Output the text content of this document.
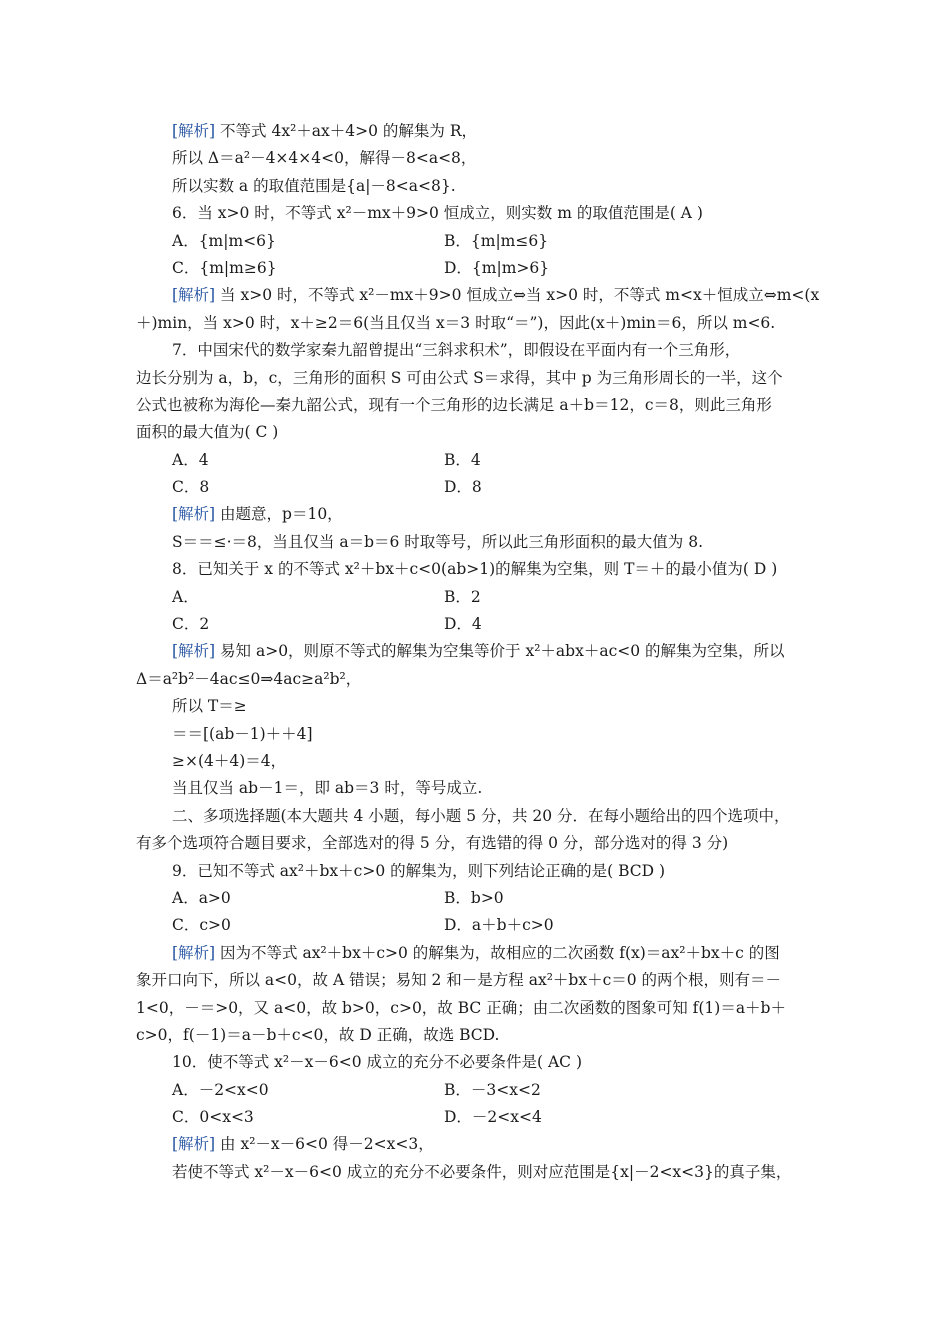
[解析] 不等式 4x²＋ax＋4>0 的解集为 R，
所以 Δ＝a²－4×4×4<0，解得－8<a<8，
所以实数 a 的取值范围是{a|－8<a<8}.
6．当 x>0 时，不等式 x²－mx＋9>0 恒成立，则实数 m 的取值范围是( A )
A．{m|m<6}	B．{m|m≤6}
C．{m|m≥6}	D．{m|m>6}
[解析] 当 x>0 时，不等式 x²－mx＋9>0 恒成立⇔当 x>0 时，不等式 m<x＋恒成立⇔m<(x
＋)min，当 x>0 时，x＋≥2＝6(当且仅当 x＝3 时取“＝”)，因此(x＋)min＝6，所以 m<6.
7．中国宋代的数学家秦九韶曾提出“三斜求积术”，即假设在平面内有一个三角形，
边长分别为 a，b，c，三角形的面积 S 可由公式 S＝求得，其中 p 为三角形周长的一半，这个
公式也被称为海伦—秦九韶公式，现有一个三角形的边长满足 a＋b＝12，c＝8，则此三角形
面积的最大值为( C )
A．4	B．4
C．8	D．8
[解析] 由题意，p＝10，
S＝＝≤·＝8，当且仅当 a＝b＝6 时取等号，所以此三角形面积的最大值为 8.
8．已知关于 x 的不等式 x²＋bx＋c<0(ab>1)的解集为空集，则 T＝＋的最小值为( D )
A．	B．2
C．2	D．4
[解析] 易知 a>0，则原不等式的解集为空集等价于 x²＋abx＋ac<0 的解集为空集，所以
Δ＝a²b²－4ac≤0⇒4ac≥a²b²，
所以 T＝≥
＝＝[(ab－1)＋＋4]
≥×(4＋4)＝4，
当且仅当 ab－1＝，即 ab＝3 时，等号成立.
二、多项选择题(本大题共 4 小题，每小题 5 分，共 20 分．在每小题给出的四个选项中，
有多个选项符合题目要求，全部选对的得 5 分，有选错的得 0 分，部分选对的得 3 分)
9．已知不等式 ax²＋bx＋c>0 的解集为，则下列结论正确的是( BCD )
A．a>0	B．b>0
C．c>0	D．a＋b＋c>0
[解析] 因为不等式 ax²＋bx＋c>0 的解集为，故相应的二次函数 f(x)＝ax²＋bx＋c 的图
象开口向下，所以 a<0，故 A 错误；易知 2 和－是方程 ax²＋bx＋c＝0 的两个根，则有＝－
1<0，－＝>0，又 a<0，故 b>0，c>0，故 BC 正确；由二次函数的图象可知 f(1)＝a＋b＋
c>0，f(－1)＝a－b＋c<0，故 D 正确，故选 BCD.
10．使不等式 x²－x－6<0 成立的充分不必要条件是( AC )
A．－2<x<0	B．－3<x<2
C．0<x<3	D．－2<x<4
[解析] 由 x²－x－6<0 得－2<x<3，
若使不等式 x²－x－6<0 成立的充分不必要条件，则对应范围是{x|－2<x<3}的真子集，
